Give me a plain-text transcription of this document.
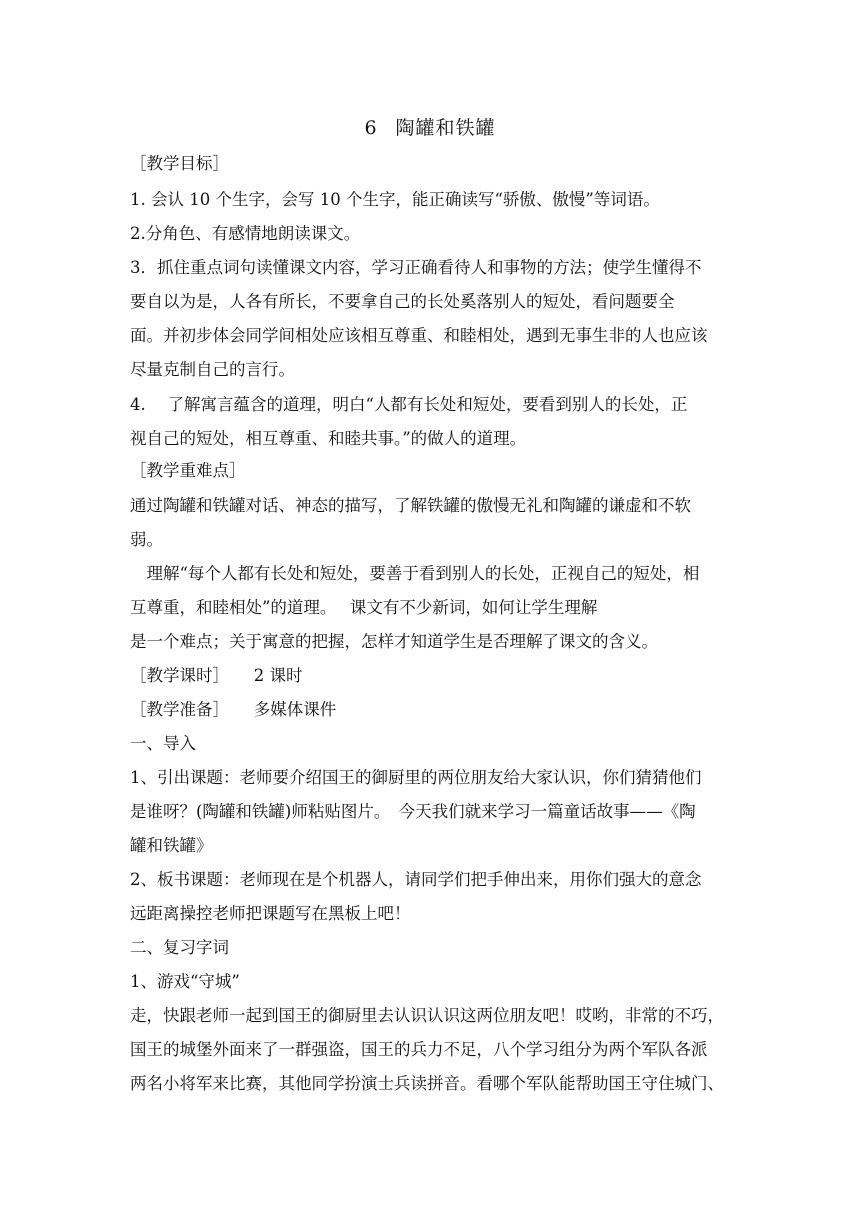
6 陶罐和铁罐
［教学目标］
1. 会认 10 个生字，会写 10 个生字，能正确读写“骄傲、傲慢”等词语。
2.分角色、有感情地朗读课文。
3．抓住重点词句读懂课文内容，学习正确看待人和事物的方法；使学生懂得不
要自以为是，人各有所长，不要拿自己的长处奚落别人的短处，看问题要全
面。并初步体会同学间相处应该相互尊重、和睦相处，遇到无事生非的人也应该
尽量克制自己的言行。
4.　 了解寓言蕴含的道理，明白“人都有长处和短处，要看到别人的长处，正
视自己的短处，相互尊重、和睦共事。”的做人的道理。
［教学重难点］
通过陶罐和铁罐对话、神态的描写，了解铁罐的傲慢无礼和陶罐的谦虚和不软
弱。
　理解“每个人都有长处和短处，要善于看到别人的长处，正视自己的短处，相
互尊重，和睦相处”的道理。　 课文有不少新词，如何让学生理解
是一个难点；关于寓意的把握，怎样才知道学生是否理解了课文的含义。
［教学课时］　　2 课时
［教学准备］　　多媒体课件
一、导入
1、引出课题：老师要介绍国王的御厨里的两位朋友给大家认识，你们猜猜他们
是谁呀？(陶罐和铁罐)师粘贴图片。　今天我们就来学习一篇童话故事——《陶
罐和铁罐》
2、板书课题：老师现在是个机器人，请同学们把手伸出来，用你们强大的意念
远距离操控老师把课题写在黑板上吧！
二、复习字词
1、游戏“守城”
走，快跟老师一起到国王的御厨里去认识认识这两位朋友吧！哎哟，非常的不巧，
国王的城堡外面来了一群强盗，国王的兵力不足，八个学习组分为两个军队各派
两名小将军来比赛，其他同学扮演士兵读拼音。看哪个军队能帮助国王守住城门、
